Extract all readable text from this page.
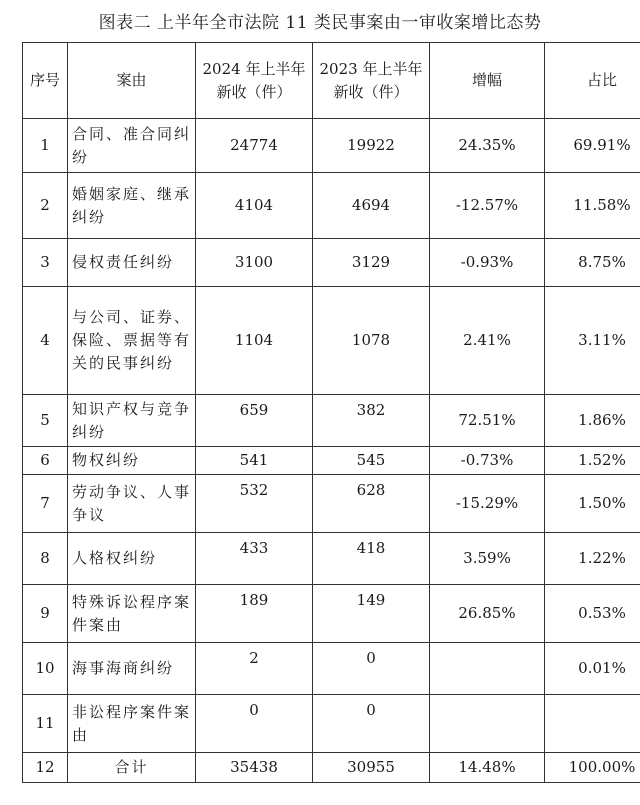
图表二 上半年全市法院 11 类民事案由一审收案增比态势
序号	案由	2024 年上半年新收（件）	2023 年上半年新收（件）	增幅	占比
1	合同、准合同纠纷	24774	19922	24.35%	69.91%
2	婚姻家庭、继承纠纷	4104	4694	-12.57%	11.58%
3	侵权责任纠纷	3100	3129	-0.93%	8.75%
4	与公司、证券、保险、票据等有关的民事纠纷	1104	1078	2.41%	3.11%
5	知识产权与竞争纠纷	659	382	72.51%	1.86%
6	物权纠纷	541	545	-0.73%	1.52%
7	劳动争议、人事争议	532	628	-15.29%	1.50%
8	人格权纠纷	433	418	3.59%	1.22%
9	特殊诉讼程序案件案由	189	149	26.85%	0.53%
10	海事海商纠纷	2	0		0.01%
11	非讼程序案件案由	0	0		
12	合计	35438	30955	14.48%	100.00%
